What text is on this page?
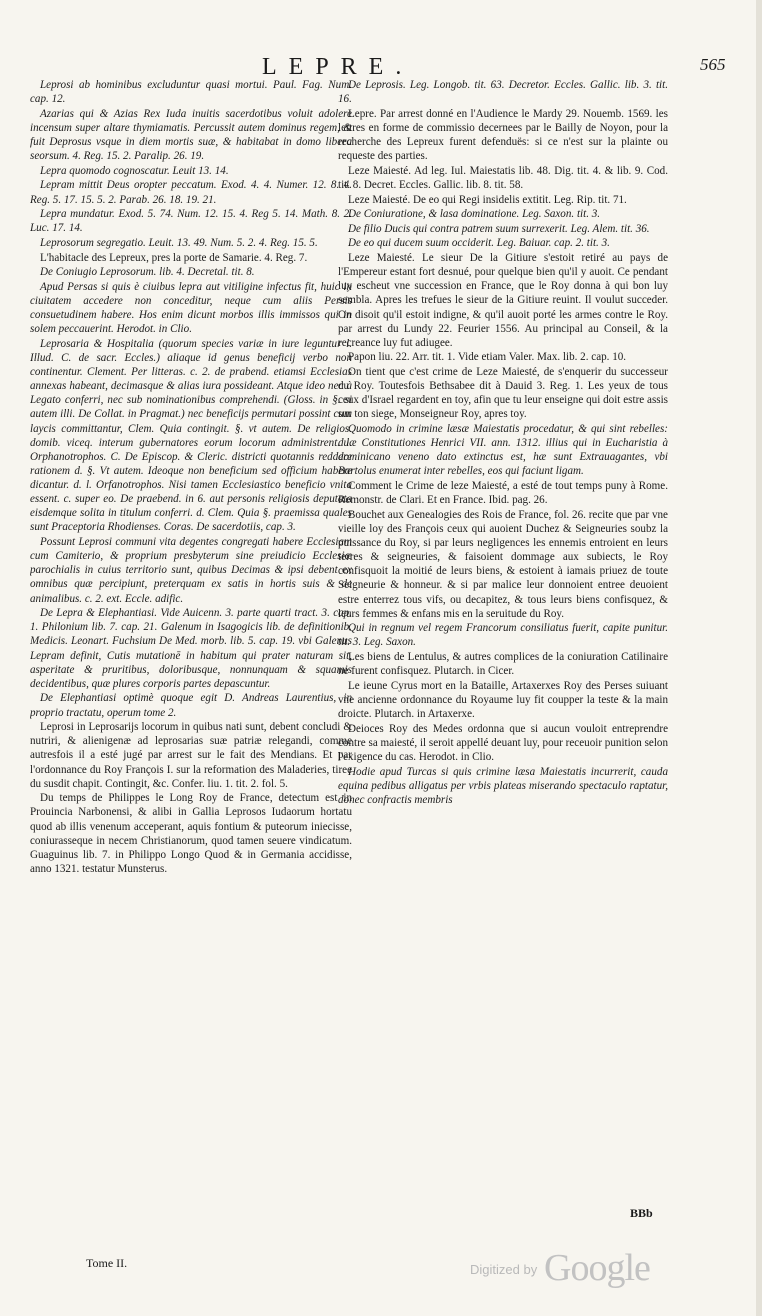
LEPRE.	565

Leprosi ab hominibus excluduntur quasi mortui. Paul. Fag. Num. cap. 12.

Azarias qui & Azias Rex Iuda inuitis sacerdotibus voluit adolere incensum super altare thymiamatis. Percussit autem dominus regem, & fuit Deprosus vsque in diem mortis suæ, & habitabat in domo libera seorsum. 4. Reg. 15. 2. Paralip. 26. 19.

Lepra quomodo cognoscatur. Leuit 13. 14.

Lepram mittit Deus oropter peccatum. Exod. 4. 4. Numer. 12. 8. 4. Reg. 5. 17. 15. 5. 2. Parab. 26. 18. 19. 21.

Lepra mundatur. Exod. 5. 74. Num. 12. 15. 4. Reg 5. 14. Math. 8. 2. Luc. 17. 14.

Leprosorum segregatio. Leuit. 13. 49. Num. 5. 2. 4. Reg. 15. 5.

L'habitacle des Lepreux, pres la porte de Samarie. 4. Reg. 7.

De Coniugio Leprosorum. lib. 4. Decretal. tit. 8.

Apud Persas si quis è ciuibus lepra aut vitiligine infectus fit, huic in ciuitatem accedere non conceditur, neque cum aliis Persis consuetudinem habere. Hos enim dicunt morbos illis immissos qui in solem peccauerint. Herodot. in Clio.

Leprosaria & Hospitalia (quorum species variæ in iure leguntur l. Illud. C. de sacr. Eccles.) aliaque id genus beneficij verbo non continentur. Clement. Per litteras. c. 2. de prabend. etiamsi Ecclesias annexas habeant, decimasque & alias iura possideant. Atque ideo nec à Legato conferri, nec sub nominationibus comprehendi. (Gloss. in §. si autem illi. De Collat. in Pragmat.) nec beneficijs permutari possint cum laycis committantur, Clem. Quia contingit. §. vt autem. De religios. domib. viceq. interum gubernatores eorum locorum administrent. l. Orphanotrophos. C. De Episcop. & Cleric. districti quotannis reddere rationem d. §. Vt autem. Ideoque non beneficium sed officium habere dicantur. d. l. Orfanotrophos. Nisi tamen Ecclesiastico beneficio vnita essent. c. super eo. De praebend. in 6. aut personis religiosis deputata eisdemque solita in titulum conferri. d. Clem. Quia §. praemissa quales sunt Praceptoria Rhodienses. Coras. De sacerdotiis, cap. 3.

Possunt Leprosi communi vita degentes congregati habere Ecclesiam cum Camiterio, & proprium presbyterum sine preiudicio Ecclesiæ parochialis in cuius territorio sunt, quibus Decimas & ipsi debent ex omnibus quæ percipiunt, preterquam ex satis in hortis suis & de animalibus. c. 2. ext. Eccle. adific.

De Lepra & Elephantiasi. Vide Auicenn. 3. parte quarti tract. 3. cap. 1. Philonium lib. 7. cap. 21. Galenum in Isagogicis lib. de definitionib. Medicis. Leonart. Fuchsium De Med. morb. lib. 5. cap. 19. vbi Galenus Lepram definit, Cutis mutationē in habitum qui prater naturam sit, asperitate & pruritibus, doloribusque, nonnunquam & squamis decidentibus, quæ plures corporis partes depascuntur.

De Elephantiasi optimè quoque egit D. Andreas Laurentius, in proprio tractatu, operum tome 2.

Leprosi in Leprosarijs locorum in quibus nati sunt, debent concludi & nutriri, & alienigenæ ad leprosarias suæ patriæ relegandi, comme autresfois il a esté jugé par arrest sur le fait des Mendians. Et par l'ordonnance du Roy François I. sur la reformation des Maladeries, tiree du susdit chapit. Contingit, &c. Confer. liu. 1. tit. 2. fol. 5.

Du temps de Philippes le Long Roy de France, detectum est in Prouincia Narbonensi, & alibi in Gallia Leprosos Iudaorum hortatu quod ab illis venenum acceperant, aquis fontium & puteorum iniecisse, coniurasseque in necem Christianorum, quod tamen seuere vindicatum. Guaguinus lib. 7. in Philippo Longo Quod & in Germania accidisse, anno 1321. testatur Munsterus.

De Leprosis. Leg. Longob. tit. 63. Decretor. Eccles. Gallic. lib. 3. tit. 16.

Lepre. Par arrest donné en l'Audience le Mardy 29. Nouemb. 1569. les lettres en forme de commissio decernees par le Bailly de Noyon, pour la recherche des Lepreux furent defenduës: si ce n'est sur la plainte ou requeste des parties.

Leze Maiesté. Ad leg. Iul. Maiestatis lib. 48. Dig. tit. 4. & lib. 9. Cod. tit. 8. Decret. Eccles. Gallic. lib. 8. tit. 58.

Leze Maiesté. De eo qui Regi insidelis extitit. Leg. Rip. tit. 71.

De Coniuratione, & lasa dominatione. Leg. Saxon. tit. 3.

De filio Ducis qui contra patrem suum surrexerit. Leg. Alem. tit. 36.

De eo qui ducem suum occiderit. Leg. Baiuar. cap. 2. tit. 3.

Leze Maiesté. Le sieur De la Gitiure s'estoit retiré au pays de l'Empereur estant fort desnué, pour quelque bien qu'il y auoit. Ce pendant luy escheut vne succession en France, que le Roy donna à qui bon luy sembla. Apres les trefues le sieur de la Gitiure reuint. Il voulut succeder. On disoit qu'il estoit indigne, & qu'il auoit porté les armes contre le Roy. par arrest du Lundy 22. Feurier 1556. Au principal au Conseil, & la recreance luy fut adiugee.

Papon liu. 22. Arr. tit. 1. Vide etiam Valer. Max. lib. 2. cap. 10.

On tient que c'est crime de Leze Maiesté, de s'enquerir du successeur du Roy. Toutesfois Bethsabee dit à Dauid 3. Reg. 1. Les yeux de tous ceux d'Israel regardent en toy, afin que tu leur enseigne qui doit estre assis sur ton siege, Monseigneur Roy, apres toy.

Quomodo in crimine læsæ Maiestatis procedatur, & qui sint rebelles: duæ Constitutiones Henrici VII. ann. 1312. illius qui in Eucharistia à dominicano veneno dato extinctus est, hæ sunt Extrauagantes, vbi Bartolus enumerat inter rebelles, eos qui faciunt ligam.

Comment le Crime de leze Maiesté, a esté de tout temps puny à Rome. Remonstr. de Clari. Et en France. Ibid. pag. 26.

Bouchet aux Genealogies des Rois de France, fol. 26. recite que par vne vieille loy des François ceux qui auoient Duchez & Seigneuries soubz la puissance du Roy, si par leurs negligences les ennemis entroient en leurs terres & seigneuries, & faisoient dommage aux subiects, le Roy confisquoit la moitié de leurs biens, & estoient à iamais priuez de toute Seigneurie & honneur. & si par malice leur donnoient entree deuoient estre enterrez tous vifs, ou decapitez, & tous leurs biens confisquez, & leurs femmes & enfans mis en la seruitude du Roy.

Qui in regnum vel regem Francorum consiliatus fuerit, capite punitur. tit. 3. Leg. Saxon.

Les biens de Lentulus, & autres complices de la coniuration Catilinaire ne furent confisquez. Plutarch. in Cicer.

Le ieune Cyrus mort en la Bataille, Artaxerxes Roy des Perses suiuant vne ancienne ordonnance du Royaume luy fit coupper la teste & la main droicte. Plutarch. in Artaxerxe.

Deioces Roy des Medes ordonna que si aucun vouloit entreprendre contre sa maiesté, il seroit appellé deuant luy, pour receuoir punition selon l'exigence du cas. Herodot. in Clio.

Hodie apud Turcas si quis crimine læsa Maiestatis incurrerit, cauda equina pedibus alligatus per vrbis plateas miserando spectaculo raptatur, donec confractis membris

BBb
Tome II.	Digitized by Google
